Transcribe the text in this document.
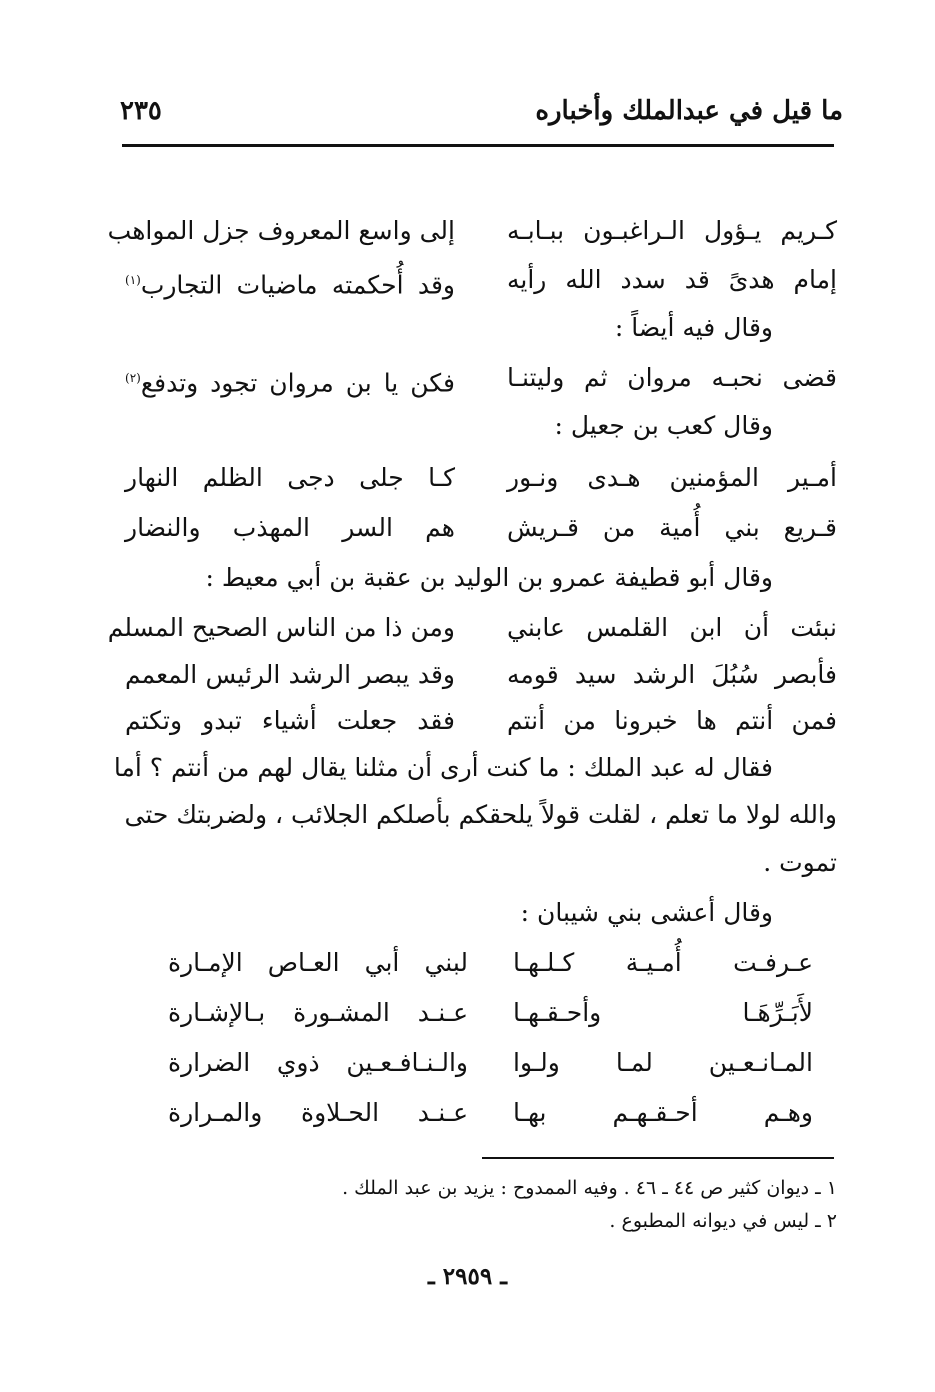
ما قيل في عبدالملك وأخباره
٢٣٥
كـريم يـؤول الـراغبـون ببـابـه
إلى واسع المعروف جزل المواهب
إمام هدىً قد سدد الله رأيه
وقد أُحكمته ماضيات التجارب$^{(١)}$
وقال فيه أيضاً :
قضى نحبـه مروان ثم وليتنـا
فكن يا بن مروان تجود وتدفع$^{(٢)}$
وقال كعب بن جعيل :
أمـير المؤمنين هـدى ونـور
كـا جلى دجى الظلم النهار
قـريع بني أُمية من قـريش
هم السر المهذب والنضار
وقال أبو قطيفة عمرو بن الوليد بن عقبة بن أبي معيط :
نبئت أن ابن القلمس عابني
ومن ذا من الناس الصحيح المسلم
فأبصر سُبُلَ الرشد سيد قومه
وقد يبصر الرشد الرئيس المعمم
فمن أنتم ها خبرونا من أنتم
فقد جعلت أشياء تبدو وتكتم
فقال له عبد الملك : ما كنت أرى أن مثلنا يقال لهم من أنتم ؟ أما
والله لولا ما تعلم ، لقلت قولاً يلحقكم بأصلكم الجلائب ، ولضربتك حتى
تموت .
وقال أعشى بني شيبان :
عـرفـت أُمـيـة كـلـهـا
لبني أبي العـاص الإمـارة
لأَبَـرِّهَـا وأحـقـهـا
عـنـد المشـورة بـالإشـارة
المـانـعـين لمـا ولـوا
والـنـافـعـين ذوي الضرارة
وهـم أحـقـهـم بهـا
عـنـد الحـلاوة والمـرارة
١ ـ ديوان كثير ص ٤٤ ـ ٤٦ . وفيه الممدوح : يزيد بن عبد الملك .
٢ ـ ليس في ديوانه المطبوع .
ـ ٢٩٥٩ ـ
